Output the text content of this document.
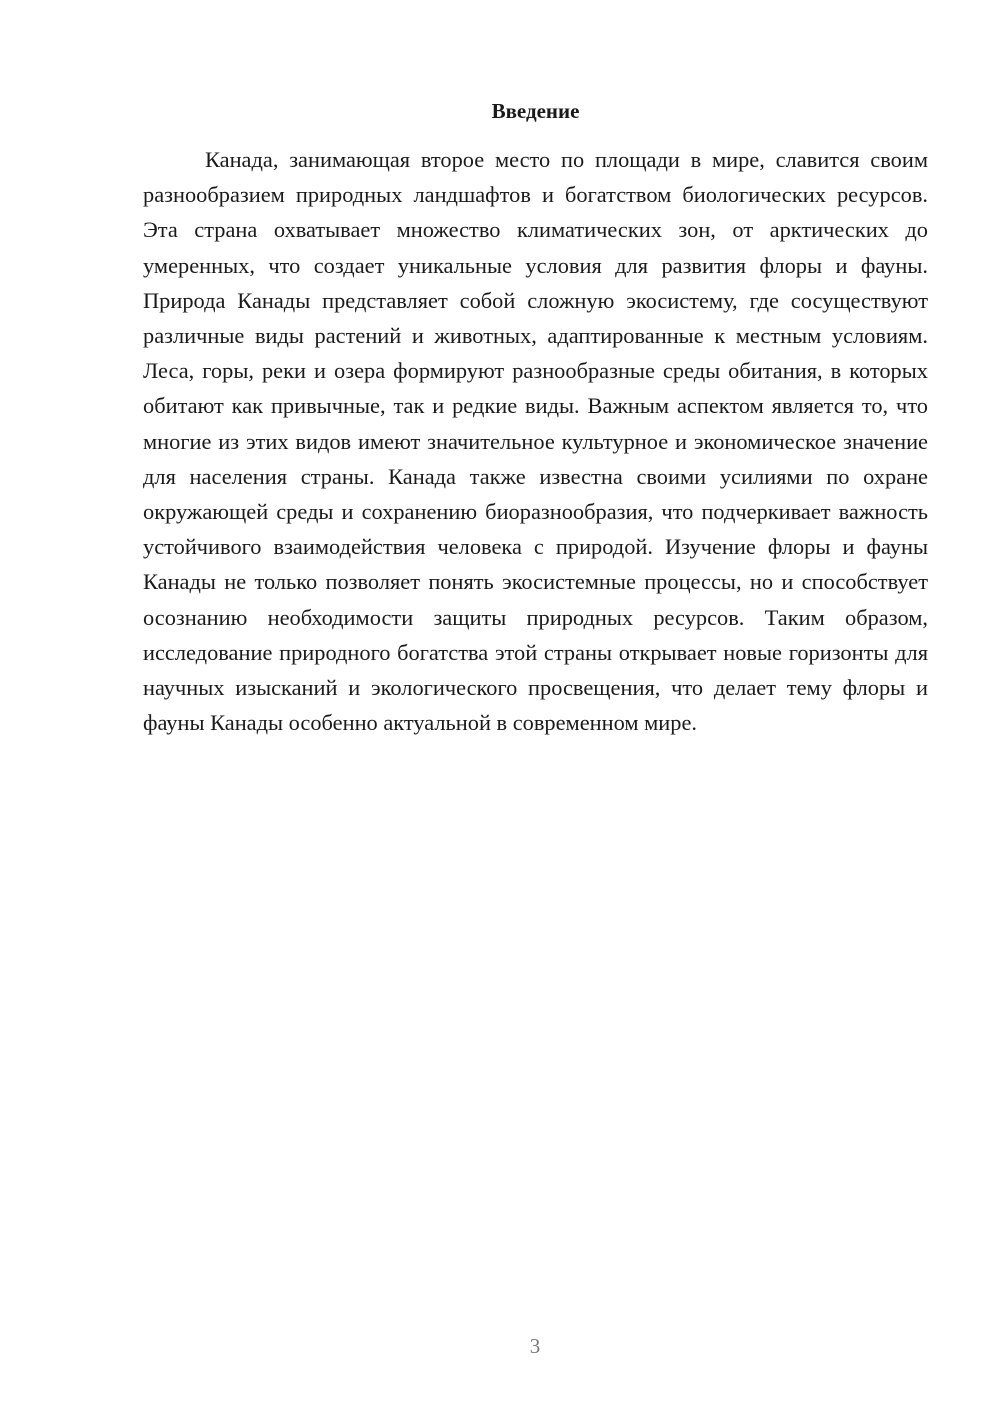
Введение

Канада, занимающая второе место по площади в мире, славится своим разнообразием природных ландшафтов и богатством биологических ресурсов. Эта страна охватывает множество климатических зон, от арктических до умеренных, что создает уникальные условия для развития флоры и фауны. Природа Канады представляет собой сложную экосистему, где сосуществуют различные виды растений и животных, адаптированные к местным условиям. Леса, горы, реки и озера формируют разнообразные среды обитания, в которых обитают как привычные, так и редкие виды. Важным аспектом является то, что многие из этих видов имеют значительное культурное и экономическое значение для населения страны. Канада также известна своими усилиями по охране окружающей среды и сохранению биоразнообразия, что подчеркивает важность устойчивого взаимодействия человека с природой. Изучение флоры и фауны Канады не только позволяет понять экосистемные процессы, но и способствует осознанию необходимости защиты природных ресурсов. Таким образом, исследование природного богатства этой страны открывает новые горизонты для научных изысканий и экологического просвещения, что делает тему флоры и фауны Канады особенно актуальной в современном мире.

3
